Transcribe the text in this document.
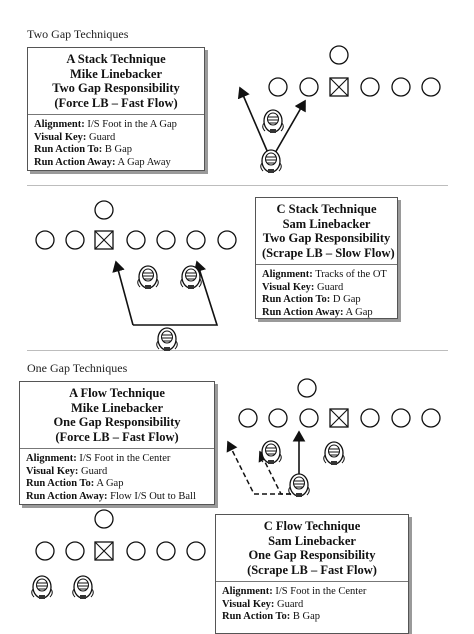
Two Gap Techniques
One Gap Techniques
A Stack Technique
Mike Linebacker
Two Gap Responsibility
(Force LB – Fast Flow)
Alignment: I/S Foot in the A Gap
Visual Key: Guard
Run Action To: B Gap
Run Action Away: A Gap Away
C Stack Technique
Sam Linebacker
Two Gap Responsibility
(Scrape LB – Slow Flow)
Alignment: Tracks of the OT
Visual Key: Guard
Run Action To: D Gap
Run Action Away: A Gap
A Flow Technique
Mike Linebacker
One Gap Responsibility
(Force LB – Fast Flow)
Alignment: I/S Foot in the Center
Visual Key: Guard
Run Action To: A Gap
Run Action Away: Flow I/S Out to Ball
C Flow Technique
Sam Linebacker
One Gap Responsibility
(Scrape LB – Fast Flow)
Alignment: I/S Foot in the Center
Visual Key: Guard
Run Action To: B Gap
